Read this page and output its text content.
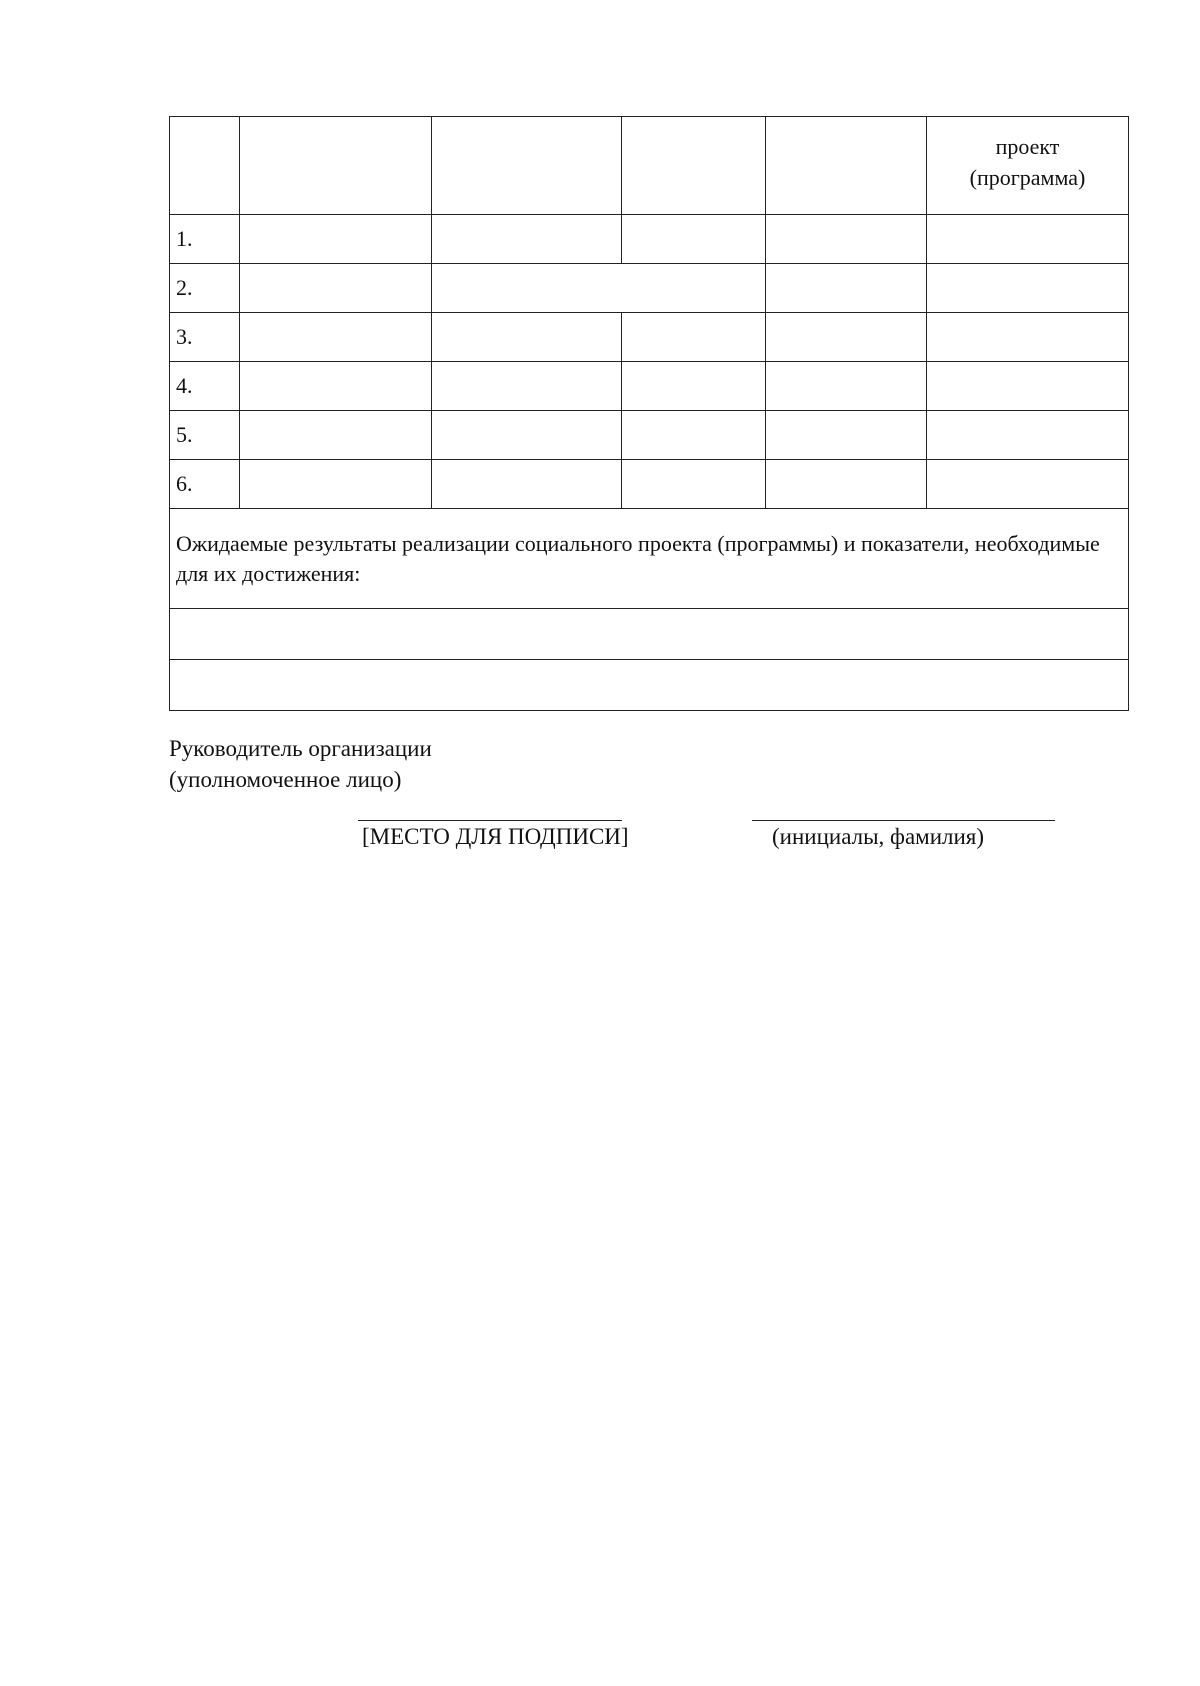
					проект
(программа)
1.					
2.					
3.					
4.					
5.					
6.					
Ожидаемые результаты реализации социального проекта (программы) и показатели, необходимые для их достижения:					

Руководитель организации
(уполномоченное лицо)
[МЕСТО ДЛЯ ПОДПИСИ]	(инициалы, фамилия)
